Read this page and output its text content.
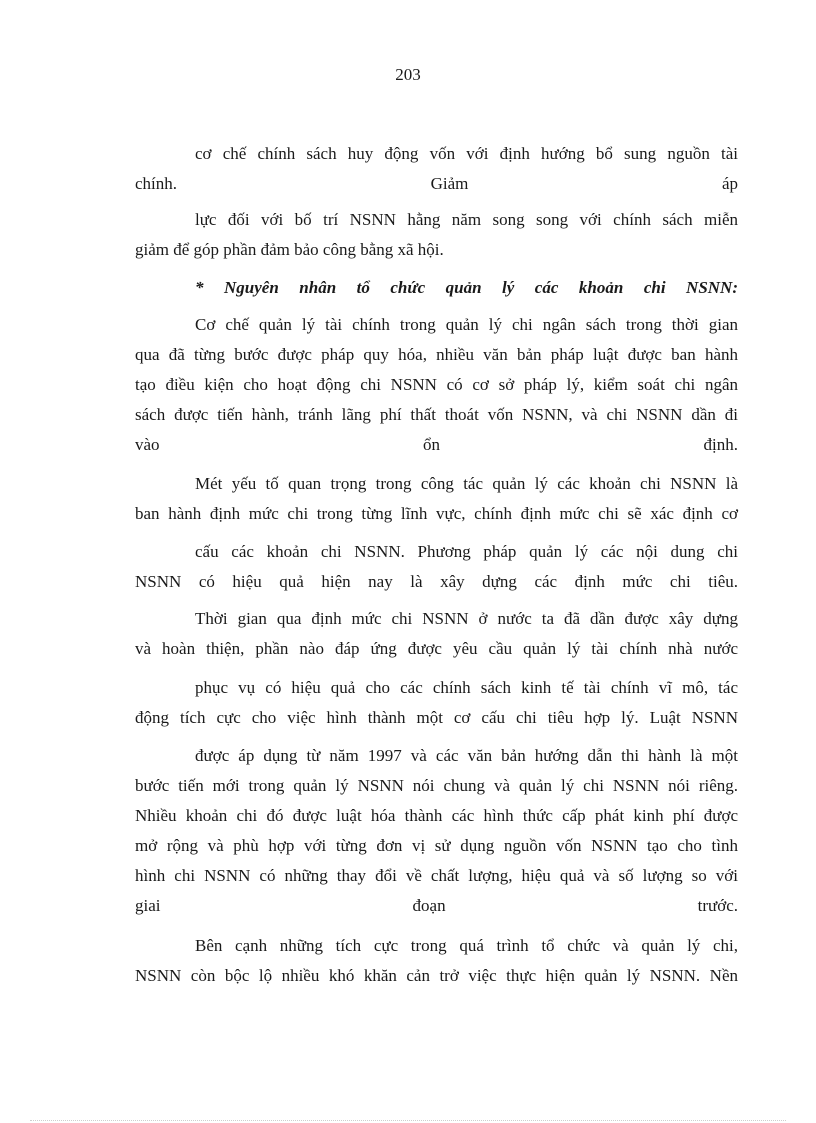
203
cơ chế chính sách huy động vốn với định hướng bổ sung nguồn tài
chính.	Giảm	áp
lực đối với bố trí NSNN hằng năm song song với chính sách miễn
giảm để góp phần đảm bảo công bằng xã hội.
* Nguyên nhân tổ chức quản lý các khoản chi NSNN:
Cơ chế quản lý tài chính trong quản lý chi ngân sách trong thời gian
qua đã từng bước được pháp quy hóa, nhiều văn bản pháp luật được ban hành
tạo điều kiện cho hoạt động chi NSNN có cơ sở pháp lý, kiểm soát chi ngân
sách được tiến hành, tránh lãng phí thất thoát vốn NSNN, và chi NSNN dần đi
vào	ổn	định.
Mét yếu tố quan trọng trong công tác quản lý các khoản chi NSNN là
ban hành định mức chi trong từng lĩnh vực, chính định mức chi sẽ xác định cơ
cấu các khoản chi NSNN. Phương pháp quản lý các nội dung chi
NSNN có hiệu quả hiện nay là xây dựng các định mức chi tiêu.
Thời gian qua định mức chi NSNN ở nước ta đã dần được xây dựng
và hoàn thiện, phần nào đáp ứng được yêu cầu quản lý tài chính nhà nước
phục vụ có hiệu quả cho các chính sách kinh tế tài chính vĩ mô, tác
động tích cực cho việc hình thành một cơ cấu chi tiêu hợp lý. Luật NSNN
được áp dụng từ năm 1997 và các văn bản hướng dẫn thi hành là một
bước tiến mới trong quản lý NSNN nói chung và quản lý chi NSNN nói riêng.
Nhiều khoản chi đó được luật hóa thành các hình thức cấp phát kinh phí được
mở rộng và phù hợp với từng đơn vị sử dụng nguồn vốn NSNN tạo cho tình
hình chi NSNN có những thay đổi về chất lượng, hiệu quả và số lượng so với
giai	đoạn	trước.
Bên cạnh những tích cực trong quá trình tổ chức và quản lý chi,
NSNN còn bộc lộ nhiều khó khăn cản trở việc thực hiện quản lý NSNN. Nền
